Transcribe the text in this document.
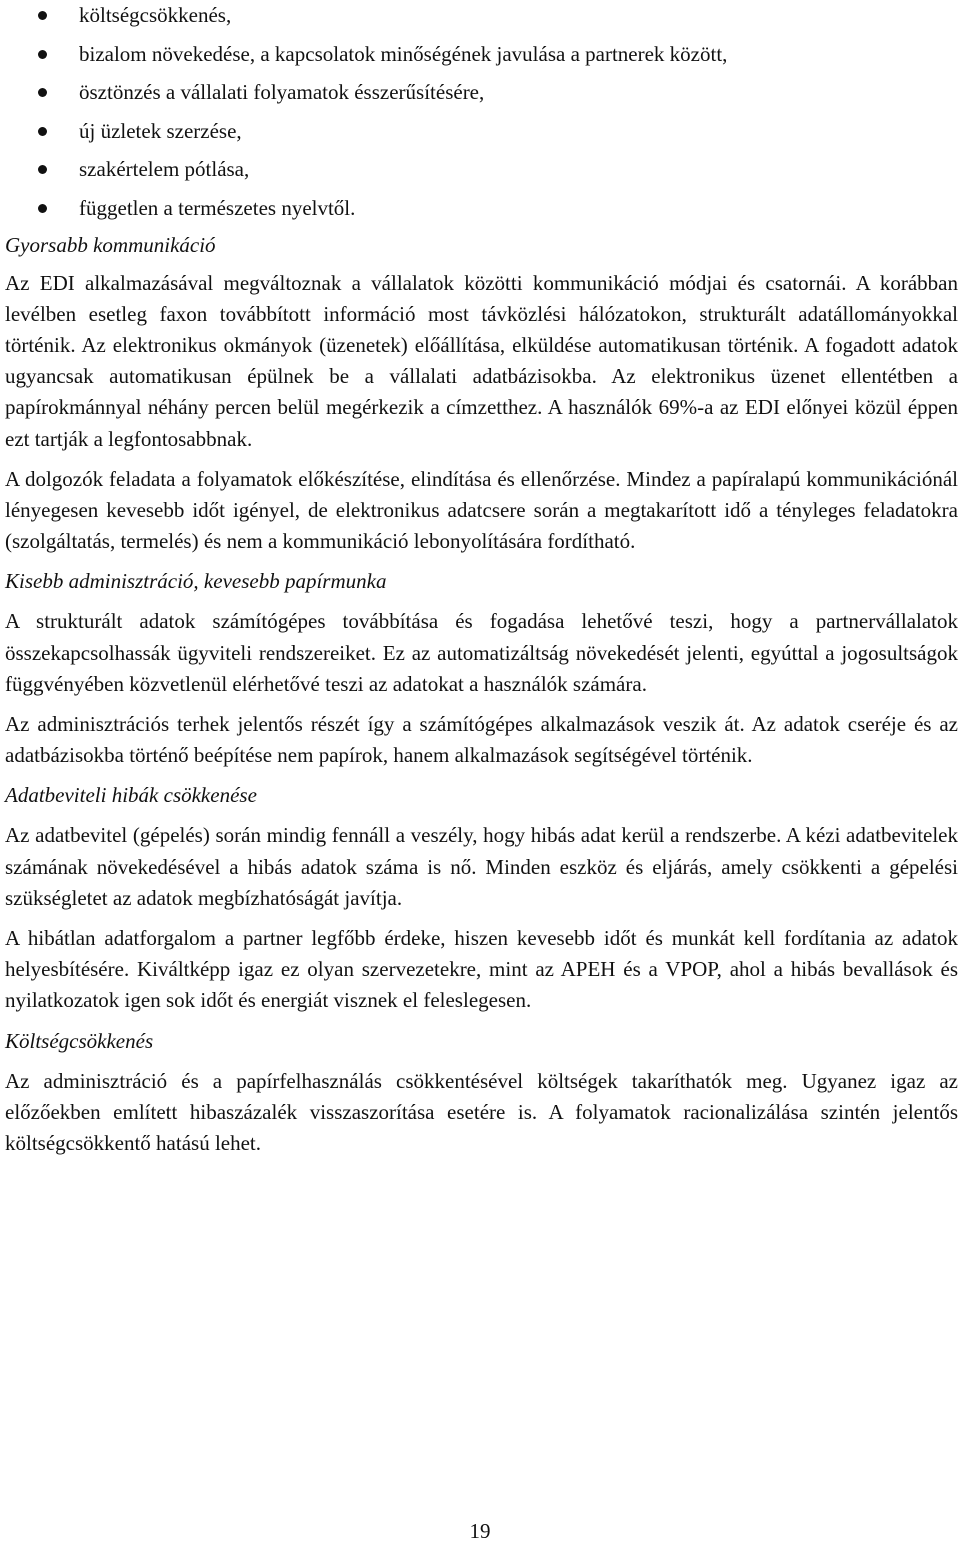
költségcsökkenés,
bizalom növekedése, a kapcsolatok minőségének javulása a partnerek között,
ösztönzés a vállalati folyamatok ésszerűsítésére,
új üzletek szerzése,
szakértelem pótlása,
független a természetes nyelvtől.
Gyorsabb kommunikáció

Az EDI alkalmazásával megváltoznak a vállalatok közötti kommunikáció módjai és csatornái. A korábban levélben esetleg faxon továbbított információ most távközlési hálózatokon, strukturált adatállományokkal történik. Az elektronikus okmányok (üzenetek) előállítása, elküldése automatikusan történik. A fogadott adatok ugyancsak automatikusan épülnek be a vállalati adatbázisokba. Az elektronikus üzenet ellentétben a papírokmánnyal néhány percen belül megérkezik a címzetthez. A használók 69%-a az EDI előnyei közül éppen ezt tartják a legfontosabbnak.

A dolgozók feladata a folyamatok előkészítése, elindítása és ellenőrzése. Mindez a papíralapú kommunikációnál lényegesen kevesebb időt igényel, de elektronikus adatcsere során a megtakarított idő a tényleges feladatokra (szolgáltatás, termelés) és nem a kommunikáció lebonyolítására fordítható.

Kisebb adminisztráció, kevesebb papírmunka

A strukturált adatok számítógépes továbbítása és fogadása lehetővé teszi, hogy a partnervállalatok összekapcsolhassák ügyviteli rendszereiket. Ez az automatizáltság növekedését jelenti, egyúttal a jogosultságok függvényében közvetlenül elérhetővé teszi az adatokat a használók számára.

Az adminisztrációs terhek jelentős részét így a számítógépes alkalmazások veszik át. Az adatok cseréje és az adatbázisokba történő beépítése nem papírok, hanem alkalmazások segítségével történik.

Adatbeviteli hibák csökkenése

Az adatbevitel (gépelés) során mindig fennáll a veszély, hogy hibás adat kerül a rendszerbe. A kézi adatbevitelek számának növekedésével a hibás adatok száma is nő. Minden eszköz és eljárás, amely csökkenti a gépelési szükségletet az adatok megbízhatóságát javítja.

A hibátlan adatforgalom a partner legfőbb érdeke, hiszen kevesebb időt és munkát kell fordítania az adatok helyesbítésére. Kiváltképp igaz ez olyan szervezetekre, mint az APEH és a VPOP, ahol a hibás bevallások és nyilatkozatok igen sok időt és energiát visznek el feleslegesen.

Költségcsökkenés

Az adminisztráció és a papírfelhasználás csökkentésével költségek takaríthatók meg. Ugyanez igaz az előzőekben említett hibaszázalék visszaszorítása esetére is. A folyamatok racionalizálása szintén jelentős költségcsökkentő hatású lehet.

19
